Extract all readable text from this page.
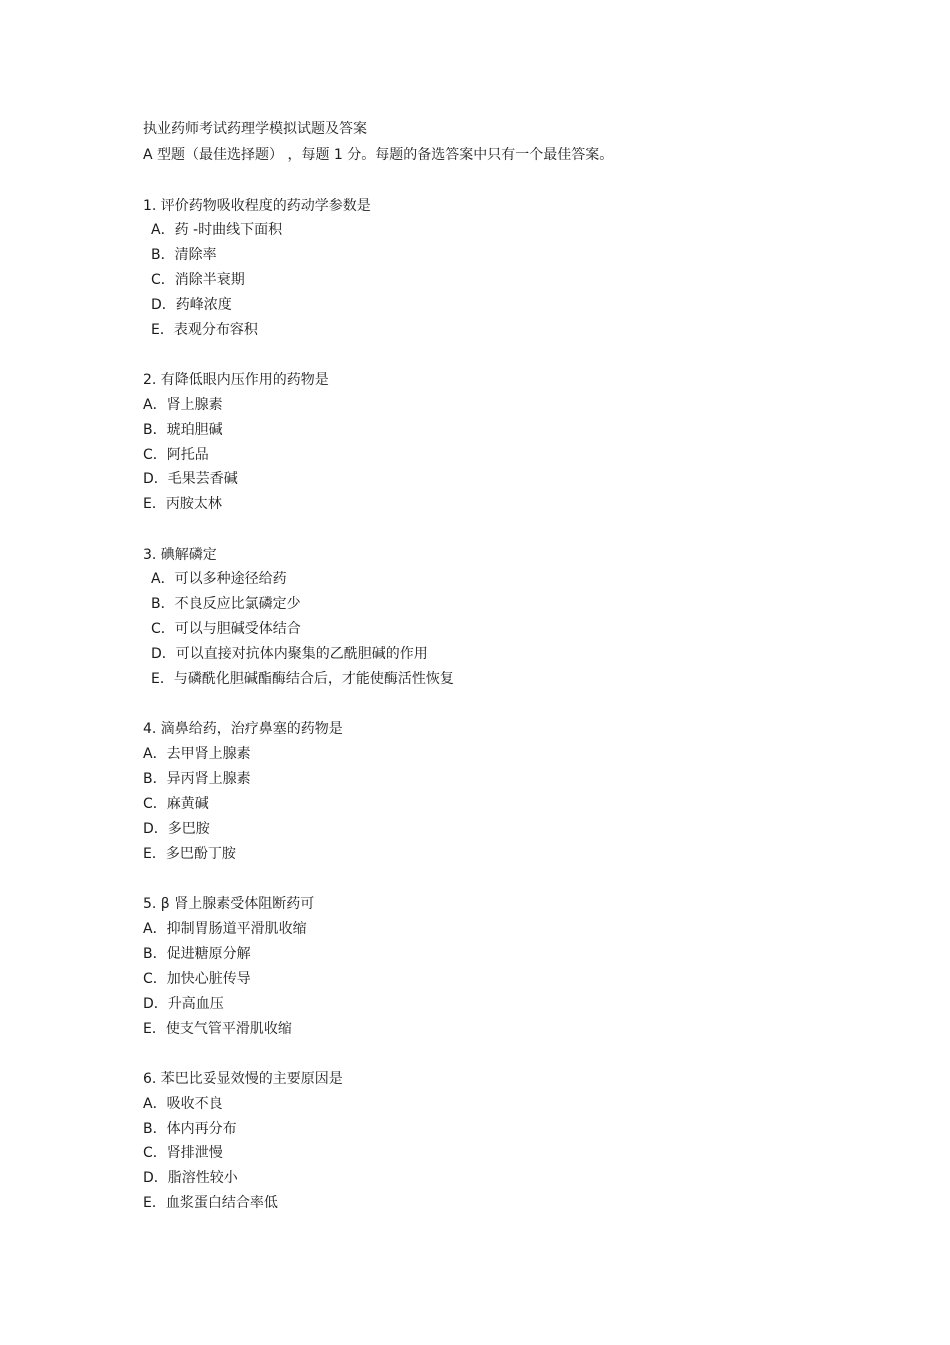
执业药师考试药理学模拟试题及答案
A 型题（最佳选择题） ，每题 1 分。每题的备选答案中只有一个最佳答案。
1. 评价药物吸收程度的药动学参数是
A．药 -时曲线下面积
B．清除率
C．消除半衰期
D．药峰浓度
E．表观分布容积
2. 有降低眼内压作用的药物是
A．肾上腺素
B．琥珀胆碱
C．阿托品
D．毛果芸香碱
E．丙胺太林
3. 碘解磷定
A．可以多种途径给药
B．不良反应比氯磷定少
C．可以与胆碱受体结合
D．可以直接对抗体内聚集的乙酰胆碱的作用
E．与磷酰化胆碱酯酶结合后，才能使酶活性恢复
4. 滴鼻给药，治疗鼻塞的药物是
A．去甲肾上腺素
B．异丙肾上腺素
C．麻黄碱
D．多巴胺
E．多巴酚丁胺
5. β 肾上腺素受体阻断药可
A．抑制胃肠道平滑肌收缩
B．促进糖原分解
C．加快心脏传导
D．升高血压
E．使支气管平滑肌收缩
6. 苯巴比妥显效慢的主要原因是
A．吸收不良
B．体内再分布
C．肾排泄慢
D．脂溶性较小
E．血浆蛋白结合率低
